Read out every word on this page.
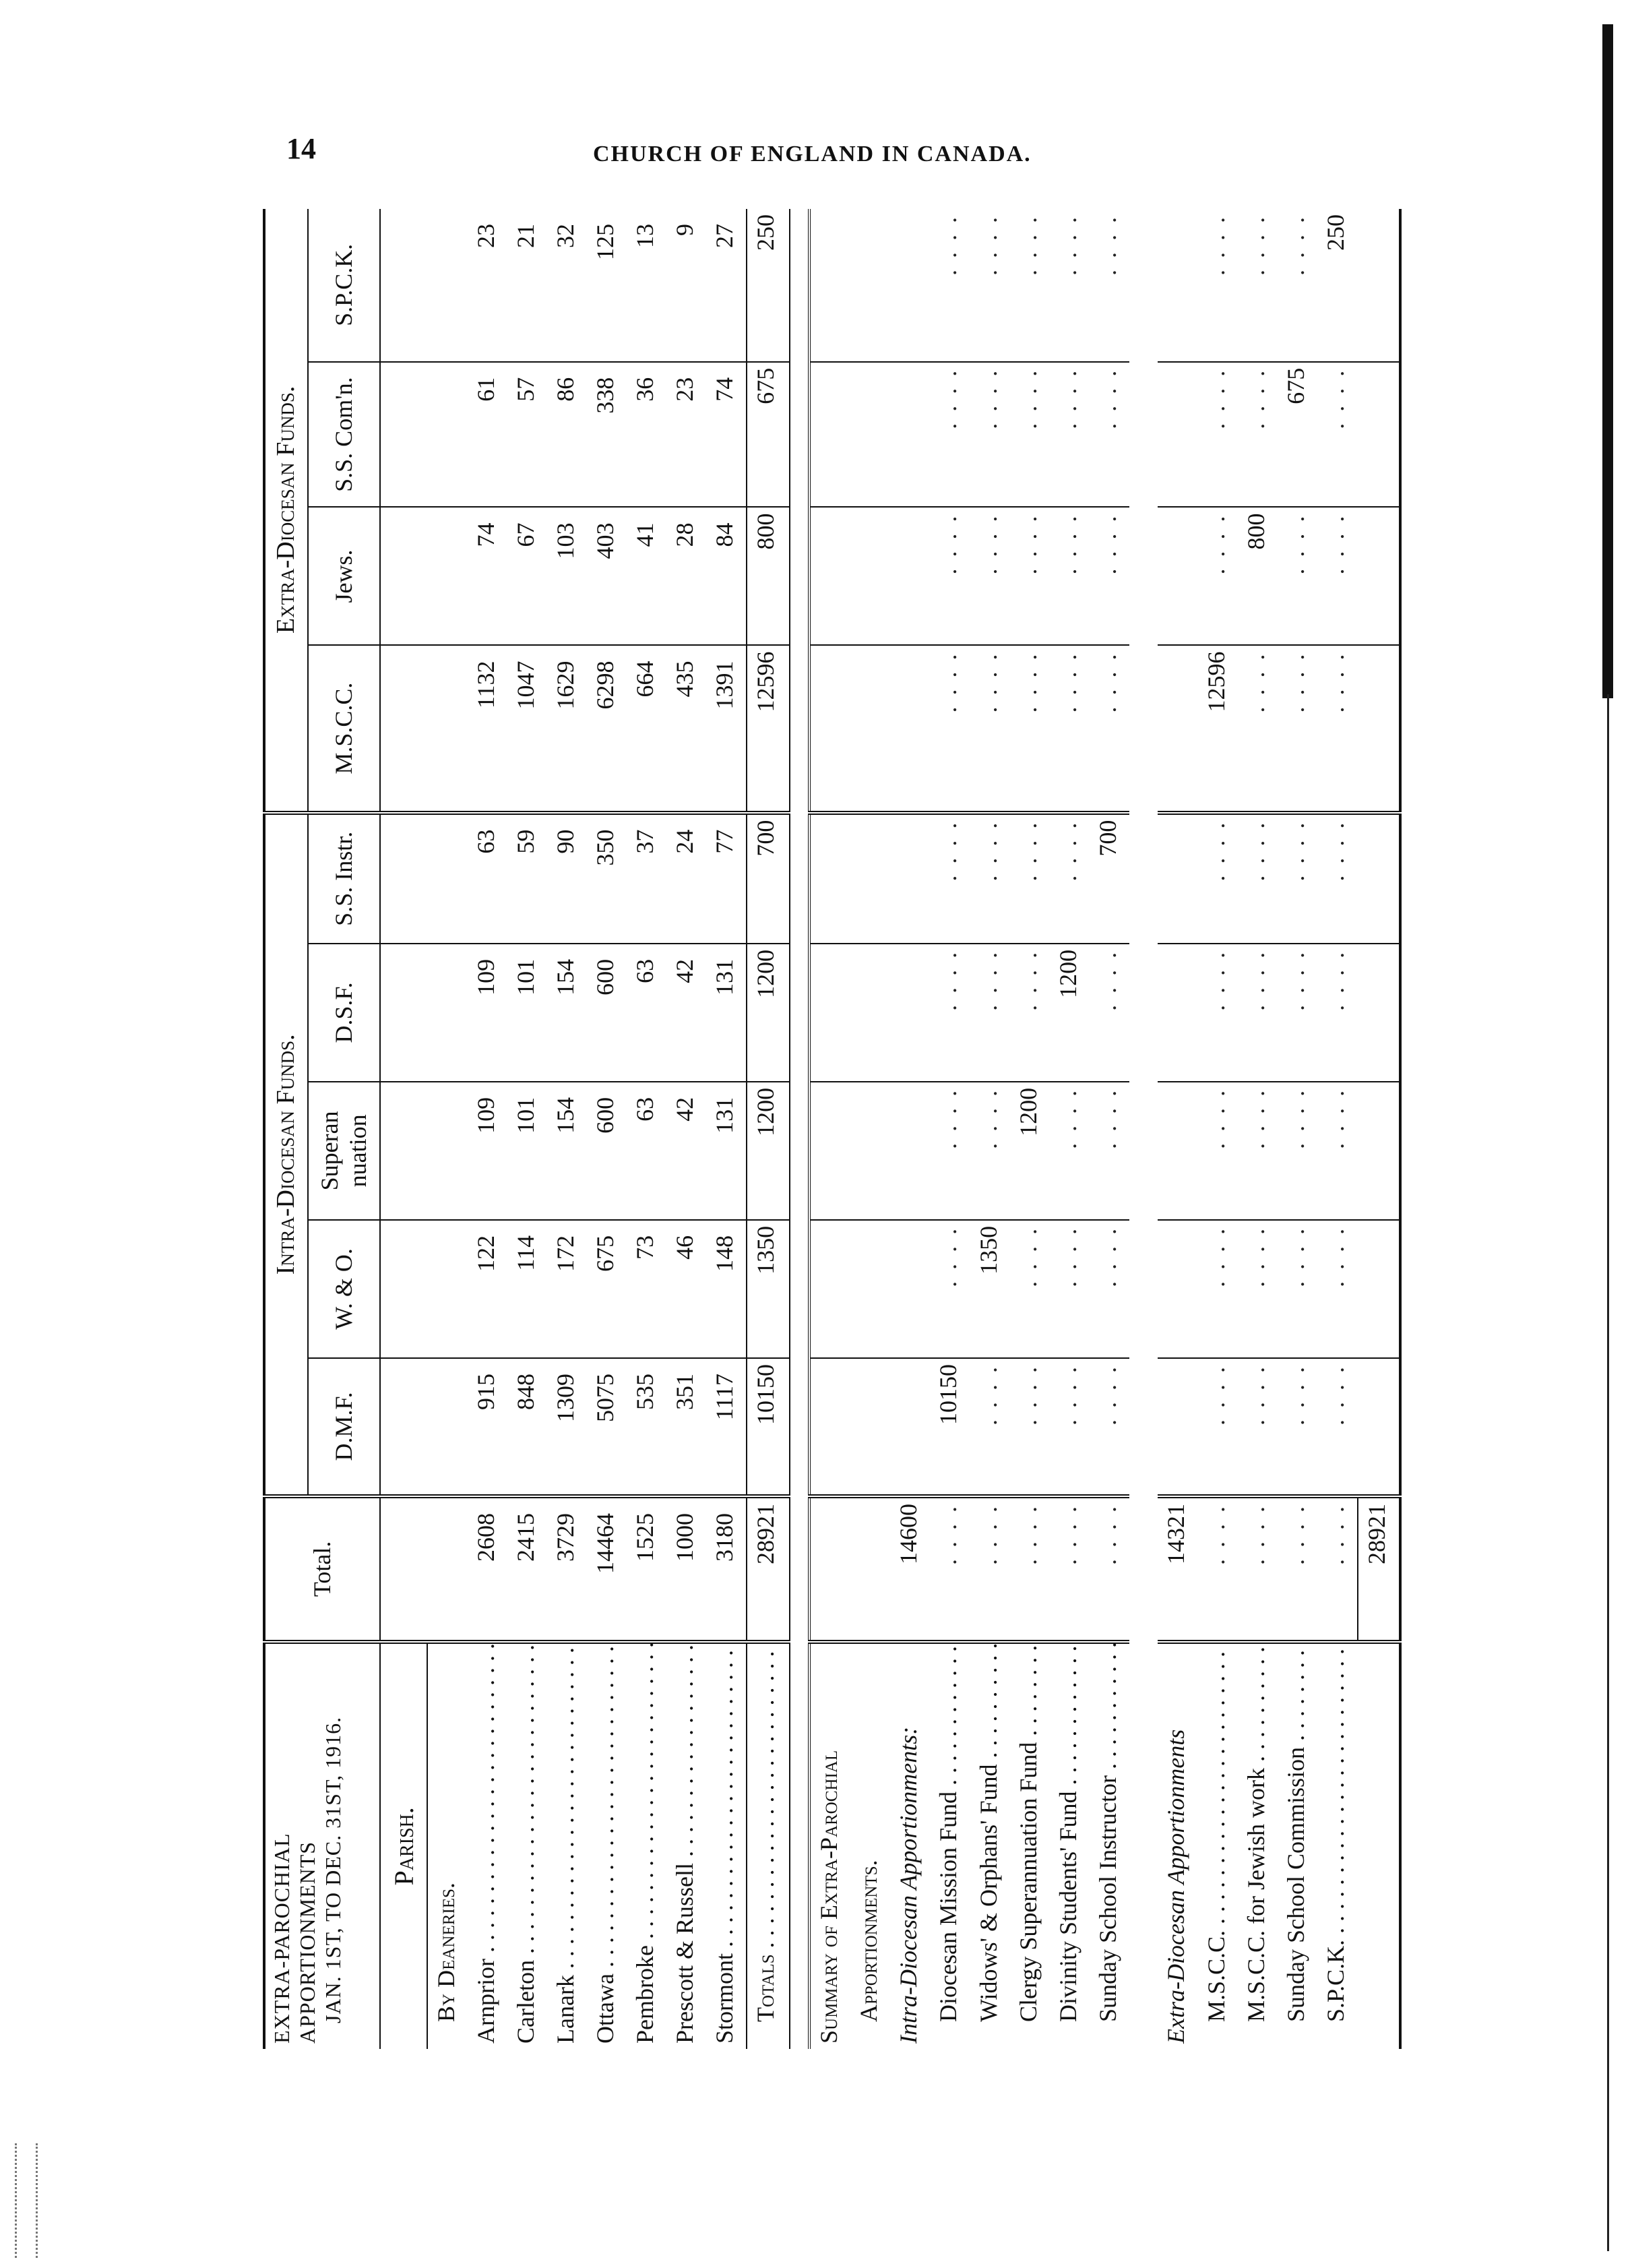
14	CHURCH OF ENGLAND IN CANADA.
EXTRA-PAROCHIAL APPORTIONMENTS JAN. 1ST, TO DEC. 31ST, 1916.	Total.	Intra-Diocesan Funds.					Extra-Diocesan Funds.			
		D.M.F.	W. & O.	Superan nuation	D.S.F.	S.S. Instr.	M.S.C.C.	Jews.	S.S. Com'n.	S.P.C.K.
Parish.										
By Deaneries.										
Arnprior . . .	2608	915	122	109	109	63	1132	74	61	23
Carleton . . .	2415	848	114	101	101	59	1047	67	57	21
Lanark . . .	3729	1309	172	154	154	90	1629	103	86	32
Ottawa . . .	14464	5075	675	600	600	350	6298	403	338	125
Pembroke . . .	1525	535	73	63	63	37	664	41	36	13
Prescott & Russell . . .	1000	351	46	42	42	24	435	28	23	9
Stormont . . .	3180	1117	148	131	131	77	1391	84	74	27
Totals . . .	28921	10150	1350	1200	1200	700	12596	800	675	250

Summary of Extra-Parochial										
Apportionments.										
Intra-Diocesan Apportionments:	14600									
Diocesan Mission Fund . . .	. . . .	10150	. . . .	. . . .	. . . .	. . . .	. . . .	. . . .	. . . .	. . . .
Widows' & Orphans' Fund . . .	. . . .	. . . .	1350	. . . .	. . . .	. . . .	. . . .	. . . .	. . . .	. . . .
Clergy Superannuation Fund . . .	. . . .	. . . .	. . . .	1200	. . . .	. . . .	. . . .	. . . .	. . . .	. . . .
Divinity Students' Fund . . .	. . . .	. . . .	. . . .	. . . .	1200	. . . .	. . . .	. . . .	. . . .	. . . .
Sunday School Instructor . . .	. . . .	. . . .	. . . .	. . . .	. . . .	700	. . . .	. . . .	. . . .	. . . .

Extra-Diocesan Apportionments	14321									
M.S.C.C. . . .	. . . .	. . . .	. . . .	. . . .	. . . .	. . . .	12596	. . . .	. . . .	. . . .
M.S.C.C. for Jewish work . . .	. . . .	. . . .	. . . .	. . . .	. . . .	. . . .	. . . .	800	. . . .	. . . .
Sunday School Commission . . .	. . . .	. . . .	. . . .	. . . .	. . . .	. . . .	. . . .	. . . .	675	. . . .
S.P.C.K. . . .	. . . .	. . . .	. . . .	. . . .	. . . .	. . . .	. . . .	. . . .	. . . .	250
	28921									
